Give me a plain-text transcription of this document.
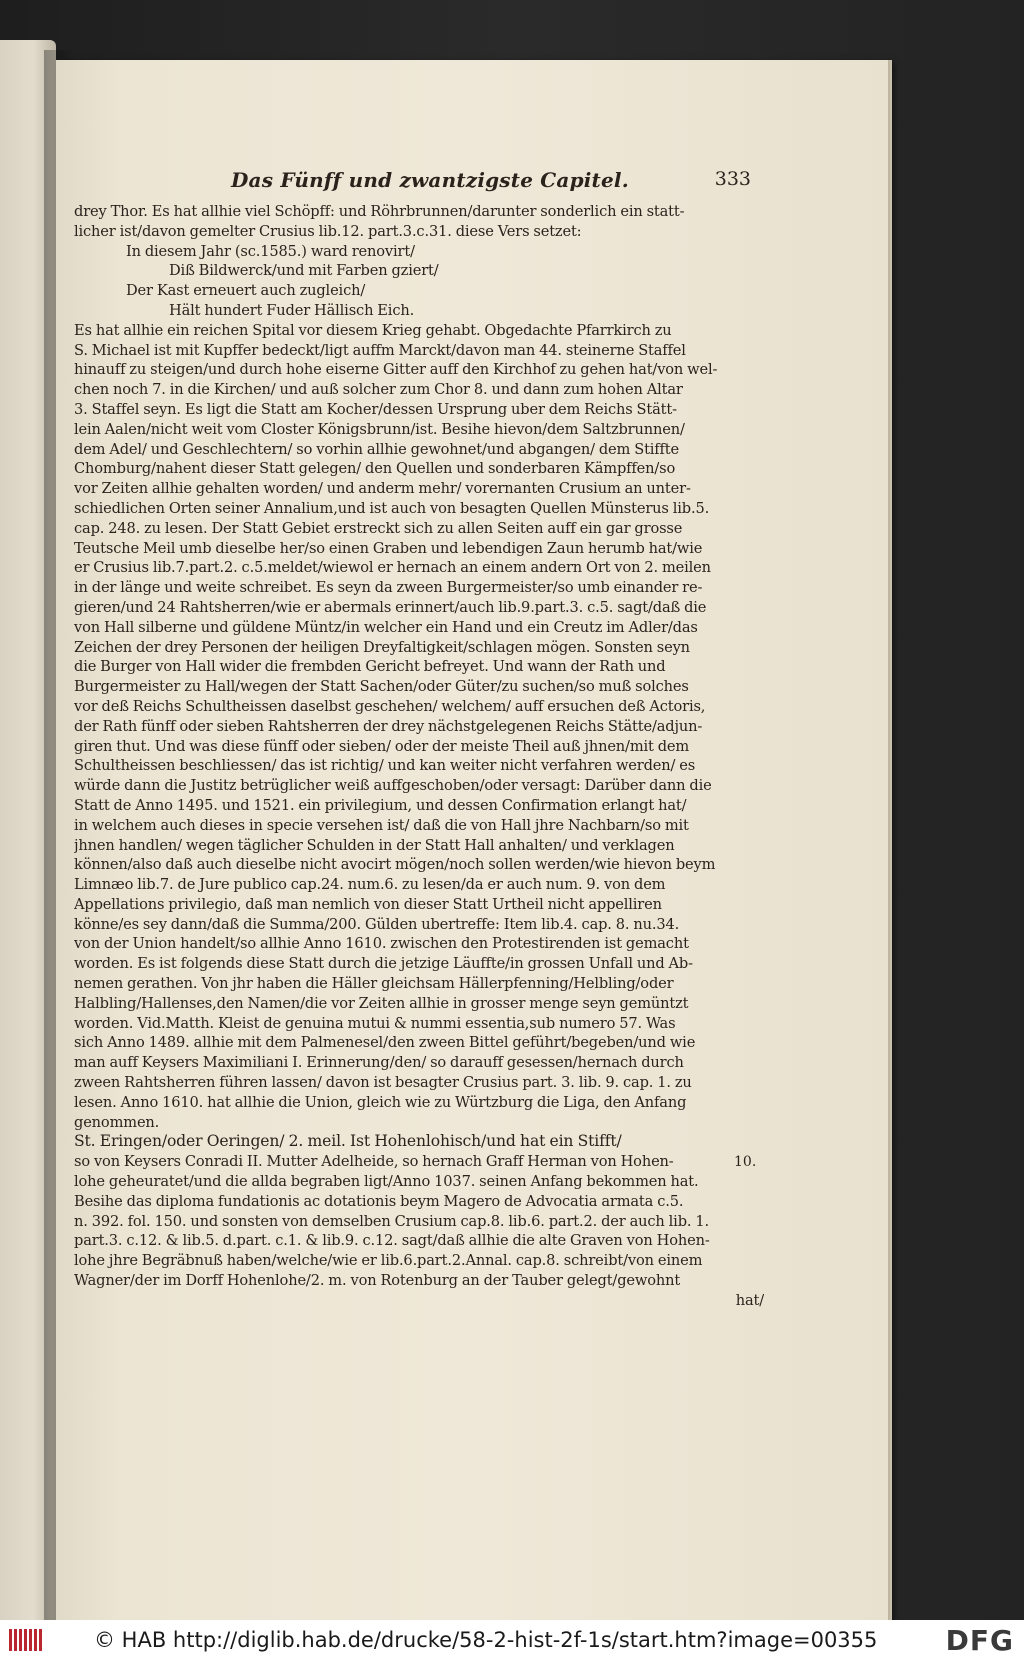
Das Fünff und zwantzigste Capitel.	333
drey Thor. Es hat allhie viel Schöpff: und Röhrbrunnen/darunter sonderlich ein statt-
licher ist/davon gemelter Crusius lib.12. part.3.c.31. diese Vers setzet:
In diesem Jahr (sc.1585.) ward renovirt/
Diß Bildwerck/und mit Farben gziert/
Der Kast erneuert auch zugleich/
Hält hundert Fuder Hällisch Eich.
Es hat allhie ein reichen Spital vor diesem Krieg gehabt. Obgedachte Pfarrkirch zu
S. Michael ist mit Kupffer bedeckt/ligt auffm Marckt/davon man 44. steinerne Staffel
hinauff zu steigen/und durch hohe eiserne Gitter auff den Kirchhof zu gehen hat/von wel-
chen noch 7. in die Kirchen/ und auß solcher zum Chor 8. und dann zum hohen Altar
3. Staffel seyn. Es ligt die Statt am Kocher/dessen Ursprung uber dem Reichs Stätt-
lein Aalen/nicht weit vom Closter Königsbrunn/ist. Besihe hievon/dem Saltzbrunnen/
dem Adel/ und Geschlechtern/ so vorhin allhie gewohnet/und abgangen/ dem Stiffte
Chomburg/nahent dieser Statt gelegen/ den Quellen und sonderbaren Kämpffen/so
vor Zeiten allhie gehalten worden/ und anderm mehr/ vorernanten Crusium an unter-
schiedlichen Orten seiner Annalium,und ist auch von besagten Quellen Münsterus lib.5.
cap. 248. zu lesen. Der Statt Gebiet erstreckt sich zu allen Seiten auff ein gar grosse
Teutsche Meil umb dieselbe her/so einen Graben und lebendigen Zaun herumb hat/wie
er Crusius lib.7.part.2. c.5.meldet/wiewol er hernach an einem andern Ort von 2. meilen
in der länge und weite schreibet. Es seyn da zween Burgermeister/so umb einander re-
gieren/und 24 Rahtsherren/wie er abermals erinnert/auch lib.9.part.3. c.5. sagt/daß die
von Hall silberne und güldene Müntz/in welcher ein Hand und ein Creutz im Adler/das
Zeichen der drey Personen der heiligen Dreyfaltigkeit/schlagen mögen. Sonsten seyn
die Burger von Hall wider die frembden Gericht befreyet. Und wann der Rath und
Burgermeister zu Hall/wegen der Statt Sachen/oder Güter/zu suchen/so muß solches
vor deß Reichs Schultheissen daselbst geschehen/ welchem/ auff ersuchen deß Actoris,
der Rath fünff oder sieben Rahtsherren der drey nächstgelegenen Reichs Stätte/adjun-
giren thut. Und was diese fünff oder sieben/ oder der meiste Theil auß jhnen/mit dem
Schultheissen beschliessen/ das ist richtig/ und kan weiter nicht verfahren werden/ es
würde dann die Justitz betrüglicher weiß auffgeschoben/oder versagt: Darüber dann die
Statt de Anno 1495. und 1521. ein privilegium, und dessen Confirmation erlangt hat/
in welchem auch dieses in specie versehen ist/ daß die von Hall jhre Nachbarn/so mit
jhnen handlen/ wegen täglicher Schulden in der Statt Hall anhalten/ und verklagen
können/also daß auch dieselbe nicht avocirt mögen/noch sollen werden/wie hievon beym
Limnæo lib.7. de Jure publico cap.24. num.6. zu lesen/da er auch num. 9. von dem
Appellations privilegio, daß man nemlich von dieser Statt Urtheil nicht appelliren
könne/es sey dann/daß die Summa/200. Gülden ubertreffe: Item lib.4. cap. 8. nu.34.
von der Union handelt/so allhie Anno 1610. zwischen den Protestirenden ist gemacht
worden. Es ist folgends diese Statt durch die jetzige Läuffte/in grossen Unfall und Ab-
nemen gerathen. Von jhr haben die Häller gleichsam Hällerpfenning/Helbling/oder
Halbling/Hallenses,den Namen/die vor Zeiten allhie in grosser menge seyn gemüntzt
worden. Vid.Matth. Kleist de genuina mutui & nummi essentia,sub numero 57. Was
sich Anno 1489. allhie mit dem Palmenesel/den zween Bittel geführt/begeben/und wie
man auff Keysers Maximiliani I. Erinnerung/den/ so darauff gesessen/hernach durch
zween Rahtsherren führen lassen/ davon ist besagter Crusius part. 3. lib. 9. cap. 1. zu
lesen. Anno 1610. hat allhie die Union, gleich wie zu Würtzburg die Liga, den Anfang
genommen.
St. Eringen/oder Oeringen/ 2. meil. Ist Hohenlohisch/und hat ein Stifft/
so von Keysers Conradi II. Mutter Adelheide, so hernach Graff Herman von Hohen-
lohe geheuratet/und die allda begraben ligt/Anno 1037. seinen Anfang bekommen hat.
Besihe das diploma fundationis ac dotationis beym Magero de Advocatia armata c.5.
n. 392. fol. 150. und sonsten von demselben Crusium cap.8. lib.6. part.2. der auch lib. 1.
part.3. c.12. & lib.5. d.part. c.1. & lib.9. c.12. sagt/daß allhie die alte Graven von Hohen-
lohe jhre Begräbnuß haben/welche/wie er lib.6.part.2.Annal. cap.8. schreibt/von einem
Wagner/der im Dorff Hohenlohe/2. m. von Rotenburg an der Tauber gelegt/gewohnt
hat/
10.
© HAB http://diglib.hab.de/drucke/58-2-hist-2f-1s/start.htm?image=00355 DFG
